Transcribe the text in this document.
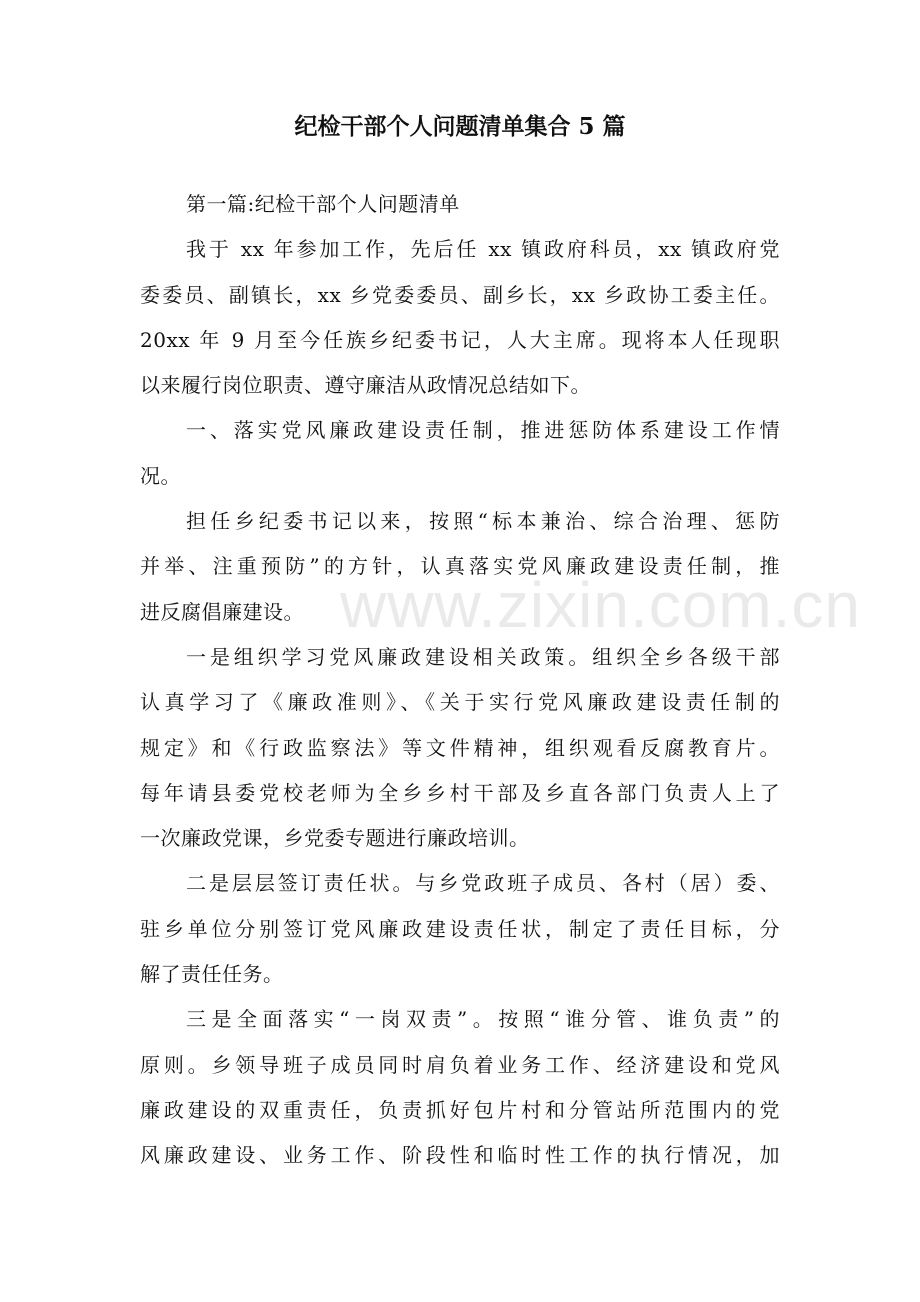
www.zixin.com.cn
纪检干部个人问题清单集合 5 篇
第一篇:纪检干部个人问题清单
我于 xx 年参加工作，先后任 xx 镇政府科员，xx 镇政府党
委委员、副镇长，xx 乡党委委员、副乡长，xx 乡政协工委主任。
20xx 年 9 月至今任族乡纪委书记，人大主席。现将本人任现职
以来履行岗位职责、遵守廉洁从政情况总结如下。
一、落实党风廉政建设责任制，推进惩防体系建设工作情
况。
担任乡纪委书记以来，按照“标本兼治、综合治理、惩防
并举、注重预防”的方针，认真落实党风廉政建设责任制，推
进反腐倡廉建设。
一是组织学习党风廉政建设相关政策。组织全乡各级干部
认真学习了《廉政准则》、《关于实行党风廉政建设责任制的
规定》和《行政监察法》等文件精神，组织观看反腐教育片。
每年请县委党校老师为全乡乡村干部及乡直各部门负责人上了
一次廉政党课，乡党委专题进行廉政培训。
二是层层签订责任状。与乡党政班子成员、各村（居）委、
驻乡单位分别签订党风廉政建设责任状，制定了责任目标，分
解了责任任务。
三是全面落实“一岗双责”。按照“谁分管、谁负责”的
原则。乡领导班子成员同时肩负着业务工作、经济建设和党风
廉政建设的双重责任，负责抓好包片村和分管站所范围内的党
风廉政建设、业务工作、阶段性和临时性工作的执行情况，加
